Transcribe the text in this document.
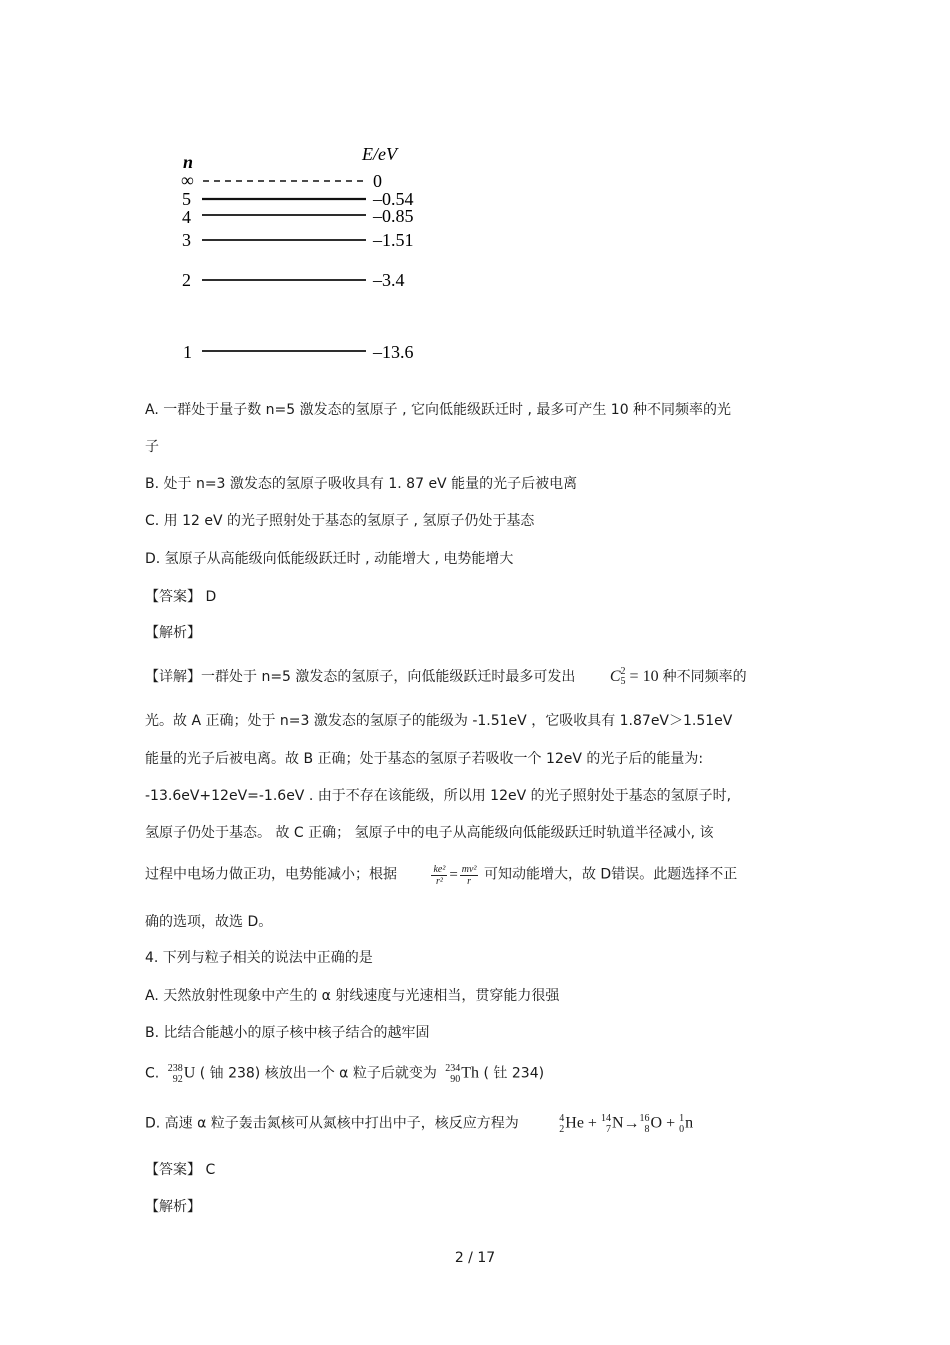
n	E/eV
∞	0
5	–0.54
4	–0.85
3	–1.51
2	–3.4
1	–13.6
A. 一群处于量子数 n=5 激发态的氢原子 , 它向低能级跃迁时 , 最多可产生 10 种不同频率的光
子
B. 处于 n=3 激发态的氢原子吸收具有 1. 87 eV 能量的光子后被电离
C. 用 12 eV 的光子照射处于基态的氢原子 , 氢原子仍处于基态
D. 氢原子从高能级向低能级跃迁时 , 动能增大 , 电势能增大
【答案】 D
【解析】
【详解】一群处于 n=5 激发态的氢原子，向低能级跃迁时最多可发出 C 2
5 = 10 种不同频率的
光。故 A 正确；处于 n=3 激发态的氢原子的能级为 -1.51eV ，它吸收具有 1.87eV＞1.51eV
能量的光子后被电离。故 B 正确；处于基态的氢原子若吸收一个 12eV 的光子后的能量为:
-13.6eV+12eV=-1.6eV . 由于不存在该能级，所以用 12eV 的光子照射处于基态的氢原子时,
氢原子仍处于基态。 故 C 正确； 氢原子中的电子从高能级向低能级跃迁时轨道半径减小, 该
过程中电场力做正功，电势能减小；根据	$\frac{\text{ke²}}{\text{r²}} = \frac{\text{mv²}}{r}$ 可知动能增大，故 D错误。此题选择不正
确的选项，故选 D。
4. 下列与粒子相关的说法中正确的是
A. 天然放射性现象中产生的 α 射线速度与光速相当，贯穿能力很强
B. 比结合能越小的原子核中核子结合的越牢固
C. 238
92 U ( 铀 238) 核放出一个 α 粒子后就变为 234
90 Th ( 钍 234)
D. 高速 α 粒子轰击氮核可从氮核中打出中子，核反应方程为	4
2 He + 14
7 N→ 16
8 O + 1
0 n
【答案】 C
【解析】
2 / 17
